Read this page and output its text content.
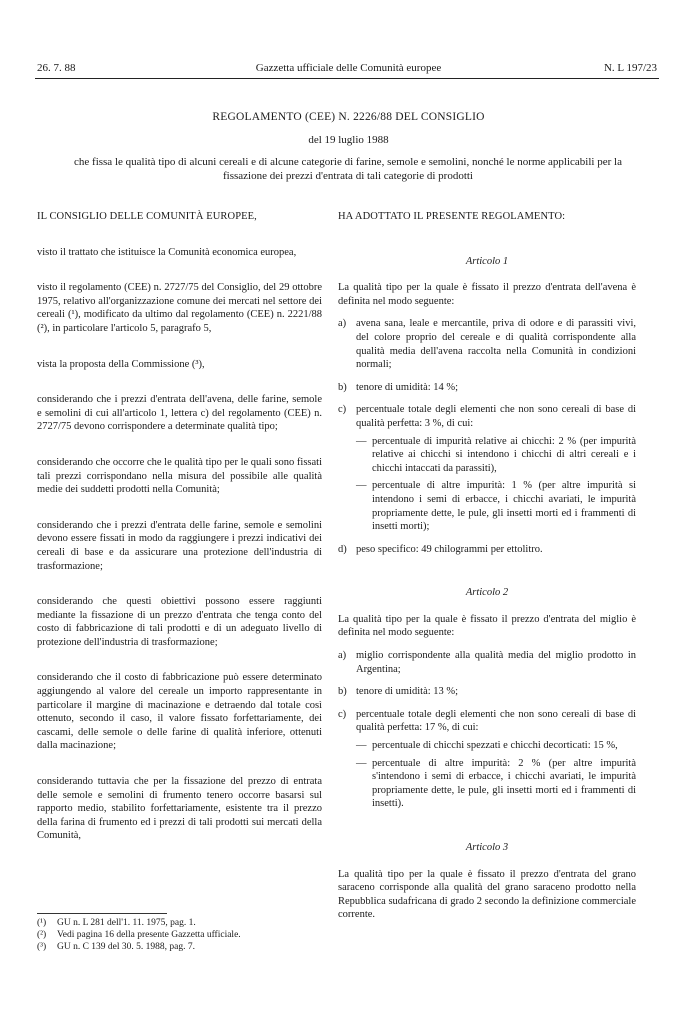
26. 7. 88	Gazzetta ufficiale delle Comunità europee	N. L 197/23
REGOLAMENTO (CEE) N. 2226/88 DEL CONSIGLIO
del 19 luglio 1988
che fissa le qualità tipo di alcuni cereali e di alcune categorie di farine, semole e semolini, nonché le norme applicabili per la fissazione dei prezzi d'entrata di tali categorie di prodotti

IL CONSIGLIO DELLE COMUNITÀ EUROPEE,

visto il trattato che istituisce la Comunità economica europea,

visto il regolamento (CEE) n. 2727/75 del Consiglio, del 29 ottobre 1975, relativo all'organizzazione comune dei mercati nel settore dei cereali (¹), modificato da ultimo dal regolamento (CEE) n. 2221/88 (²), in particolare l'articolo 5, paragrafo 5,

vista la proposta della Commissione (³),

considerando che i prezzi d'entrata dell'avena, delle farine, semole e semolini di cui all'articolo 1, lettera c) del regolamento (CEE) n. 2727/75 devono corrispondere a determinate qualità tipo;

considerando che occorre che le qualità tipo per le quali sono fissati tali prezzi corrispondano nella misura del possibile alle qualità medie dei suddetti prodotti nella Comunità;

considerando che i prezzi d'entrata delle farine, semole e semolini devono essere fissati in modo da raggiungere i prezzi indicativi dei cereali di base e da assicurare una protezione dell'industria di trasformazione;

considerando che questi obiettivi possono essere raggiunti mediante la fissazione di un prezzo d'entrata che tenga conto del costo di fabbricazione di tali prodotti e di un adeguato livello di protezione dell'industria di trasformazione;

considerando che il costo di fabbricazione può essere determinato aggiungendo al valore del cereale un importo rappresentante in particolare il margine di macinazione e detraendo dal totale così ottenuto, secondo il caso, il valore fissato forfettariamente, dei cascami, delle semole o delle farine di qualità inferiore, ottenuti dalla macinazione;

considerando tuttavia che per la fissazione del prezzo di entrata delle semole e semolini di frumento tenero occorre basarsi sul rapporto medio, stabilito forfettariamente, esistente tra il prezzo della farina di frumento ed i prezzi di tali prodotti sui mercati della Comunità,

(¹) GU n. L 281 dell'1. 11. 1975, pag. 1.
(²) Vedi pagina 16 della presente Gazzetta ufficiale.
(³) GU n. C 139 del 30. 5. 1988, pag. 7.

HA ADOTTATO IL PRESENTE REGOLAMENTO:

Articolo 1

La qualità tipo per la quale è fissato il prezzo d'entrata dell'avena è definita nel modo seguente:

a) avena sana, leale e mercantile, priva di odore e di parassiti vivi, del colore proprio del cereale e di qualità corrispondente alla qualità media dell'avena raccolta nella Comunità in condizioni normali;
b) tenore di umidità: 14 %;
c) percentuale totale degli elementi che non sono cereali di base di qualità perfetta: 3 %, di cui:
— percentuale di impurità relative ai chicchi: 2 % (per impurità relative ai chicchi si intendono i chicchi di altri cereali e i chicchi intaccati da parassiti),
— percentuale di altre impurità: 1 % (per altre impurità si intendono i semi di erbacce, i chicchi avariati, le impurità propriamente dette, le pule, gli insetti morti ed i frammenti di insetti morti);
d) peso specifico: 49 chilogrammi per ettolitro.
Articolo 2

La qualità tipo per la quale è fissato il prezzo d'entrata del miglio è definita nel modo seguente:

a) miglio corrispondente alla qualità media del miglio prodotto in Argentina;
b) tenore di umidità: 13 %;
c) percentuale totale degli elementi che non sono cereali di base di qualità perfetta: 17 %, di cui:
— percentuale di chicchi spezzati e chicchi decorticati: 15 %,
— percentuale di altre impurità: 2 % (per altre impurità s'intendono i semi di erbacce, i chicchi avariati, le impurità propriamente dette, le pule, gli insetti morti ed i frammenti di insetti).
Articolo 3

La qualità tipo per la quale è fissato il prezzo d'entrata del grano saraceno corrisponde alla qualità del grano saraceno prodotto nella Repubblica sudafricana di grado 2 secondo la definizione commerciale corrente.
